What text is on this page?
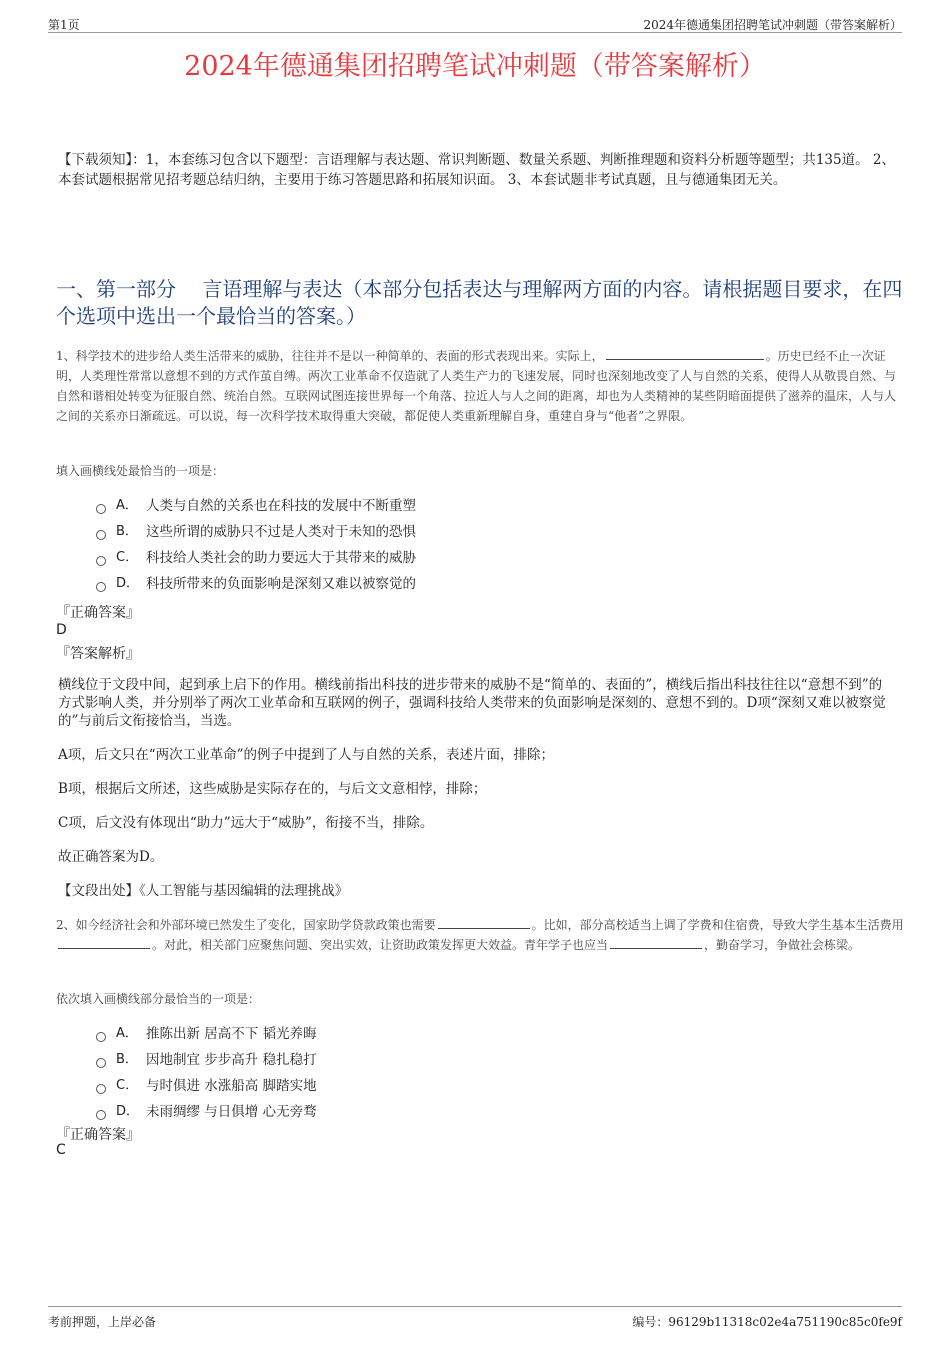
第1页	2024年德通集团招聘笔试冲刺题（带答案解析）
2024年德通集团招聘笔试冲刺题（带答案解析）
【下载须知】：1，本套练习包含以下题型：言语理解与表达题、常识判断题、数量关系题、判断推理题和资料分析题等题型；共135道。 2、本套试题根据常见招考题总结归纳，主要用于练习答题思路和拓展知识面。 3、本套试题非考试真题，且与德通集团无关。
一、第一部分　 言语理解与表达（本部分包括表达与理解两方面的内容。请根据题目要求，在四个选项中选出一个最恰当的答案。）
1、科学技术的进步给人类生活带来的威胁，往往并不是以一种简单的、表面的形式表现出来。实际上，	。历史已经不止一次证明，人类理性常常以意想不到的方式作茧自缚。两次工业革命不仅造就了人类生产力的飞速发展，同时也深刻地改变了人与自然的关系，使得人从敬畏自然、与自然和谐相处转变为征服自然、统治自然。互联网试图连接世界每一个角落、拉近人与人之间的距离，却也为人类精神的某些阴暗面提供了滋养的温床，人与人之间的关系亦日渐疏远。可以说，每一次科学技术取得重大突破，都促使人类重新理解自身，重建自身与“他者”之界限。
填入画横线处最恰当的一项是：
A． 人类与自然的关系也在科技的发展中不断重塑
B． 这些所谓的威胁只不过是人类对于未知的恐惧
C． 科技给人类社会的助力要远大于其带来的威胁
D． 科技所带来的负面影响是深刻又难以被察觉的
『正确答案』
D
『答案解析』
横线位于文段中间，起到承上启下的作用。横线前指出科技的进步带来的威胁不是“简单的、表面的”，横线后指出科技往往以“意想不到”的方式影响人类，并分别举了两次工业革命和互联网的例子，强调科技给人类带来的负面影响是深刻的、意想不到的。D项“深刻又难以被察觉的”与前后文衔接恰当，当选。
A项，后文只在“两次工业革命”的例子中提到了人与自然的关系，表述片面，排除；
B项，根据后文所述，这些威胁是实际存在的，与后文文意相悖，排除；
C项，后文没有体现出“助力”远大于“威胁”，衔接不当，排除。
故正确答案为D。
【文段出处】《人工智能与基因编辑的法理挑战》
2、如今经济社会和外部环境已然发生了变化，国家助学贷款政策也需要	。比如，部分高校适当上调了学费和住宿费，导致大学生基本生活费用。对此，相关部门应聚焦问题、突出实效，让资助政策发挥更大效益。青年学子也应当	，勤奋学习，争做社会栋梁。
依次填入画横线部分最恰当的一项是：
A． 推陈出新 居高不下 韬光养晦
B． 因地制宜 步步高升 稳扎稳打
C． 与时俱进 水涨船高 脚踏实地
D． 未雨绸缪 与日俱增 心无旁骛
『正确答案』
C
考前押题，上岸必备	编号：96129b11318c02e4a751190c85c0fe9f
